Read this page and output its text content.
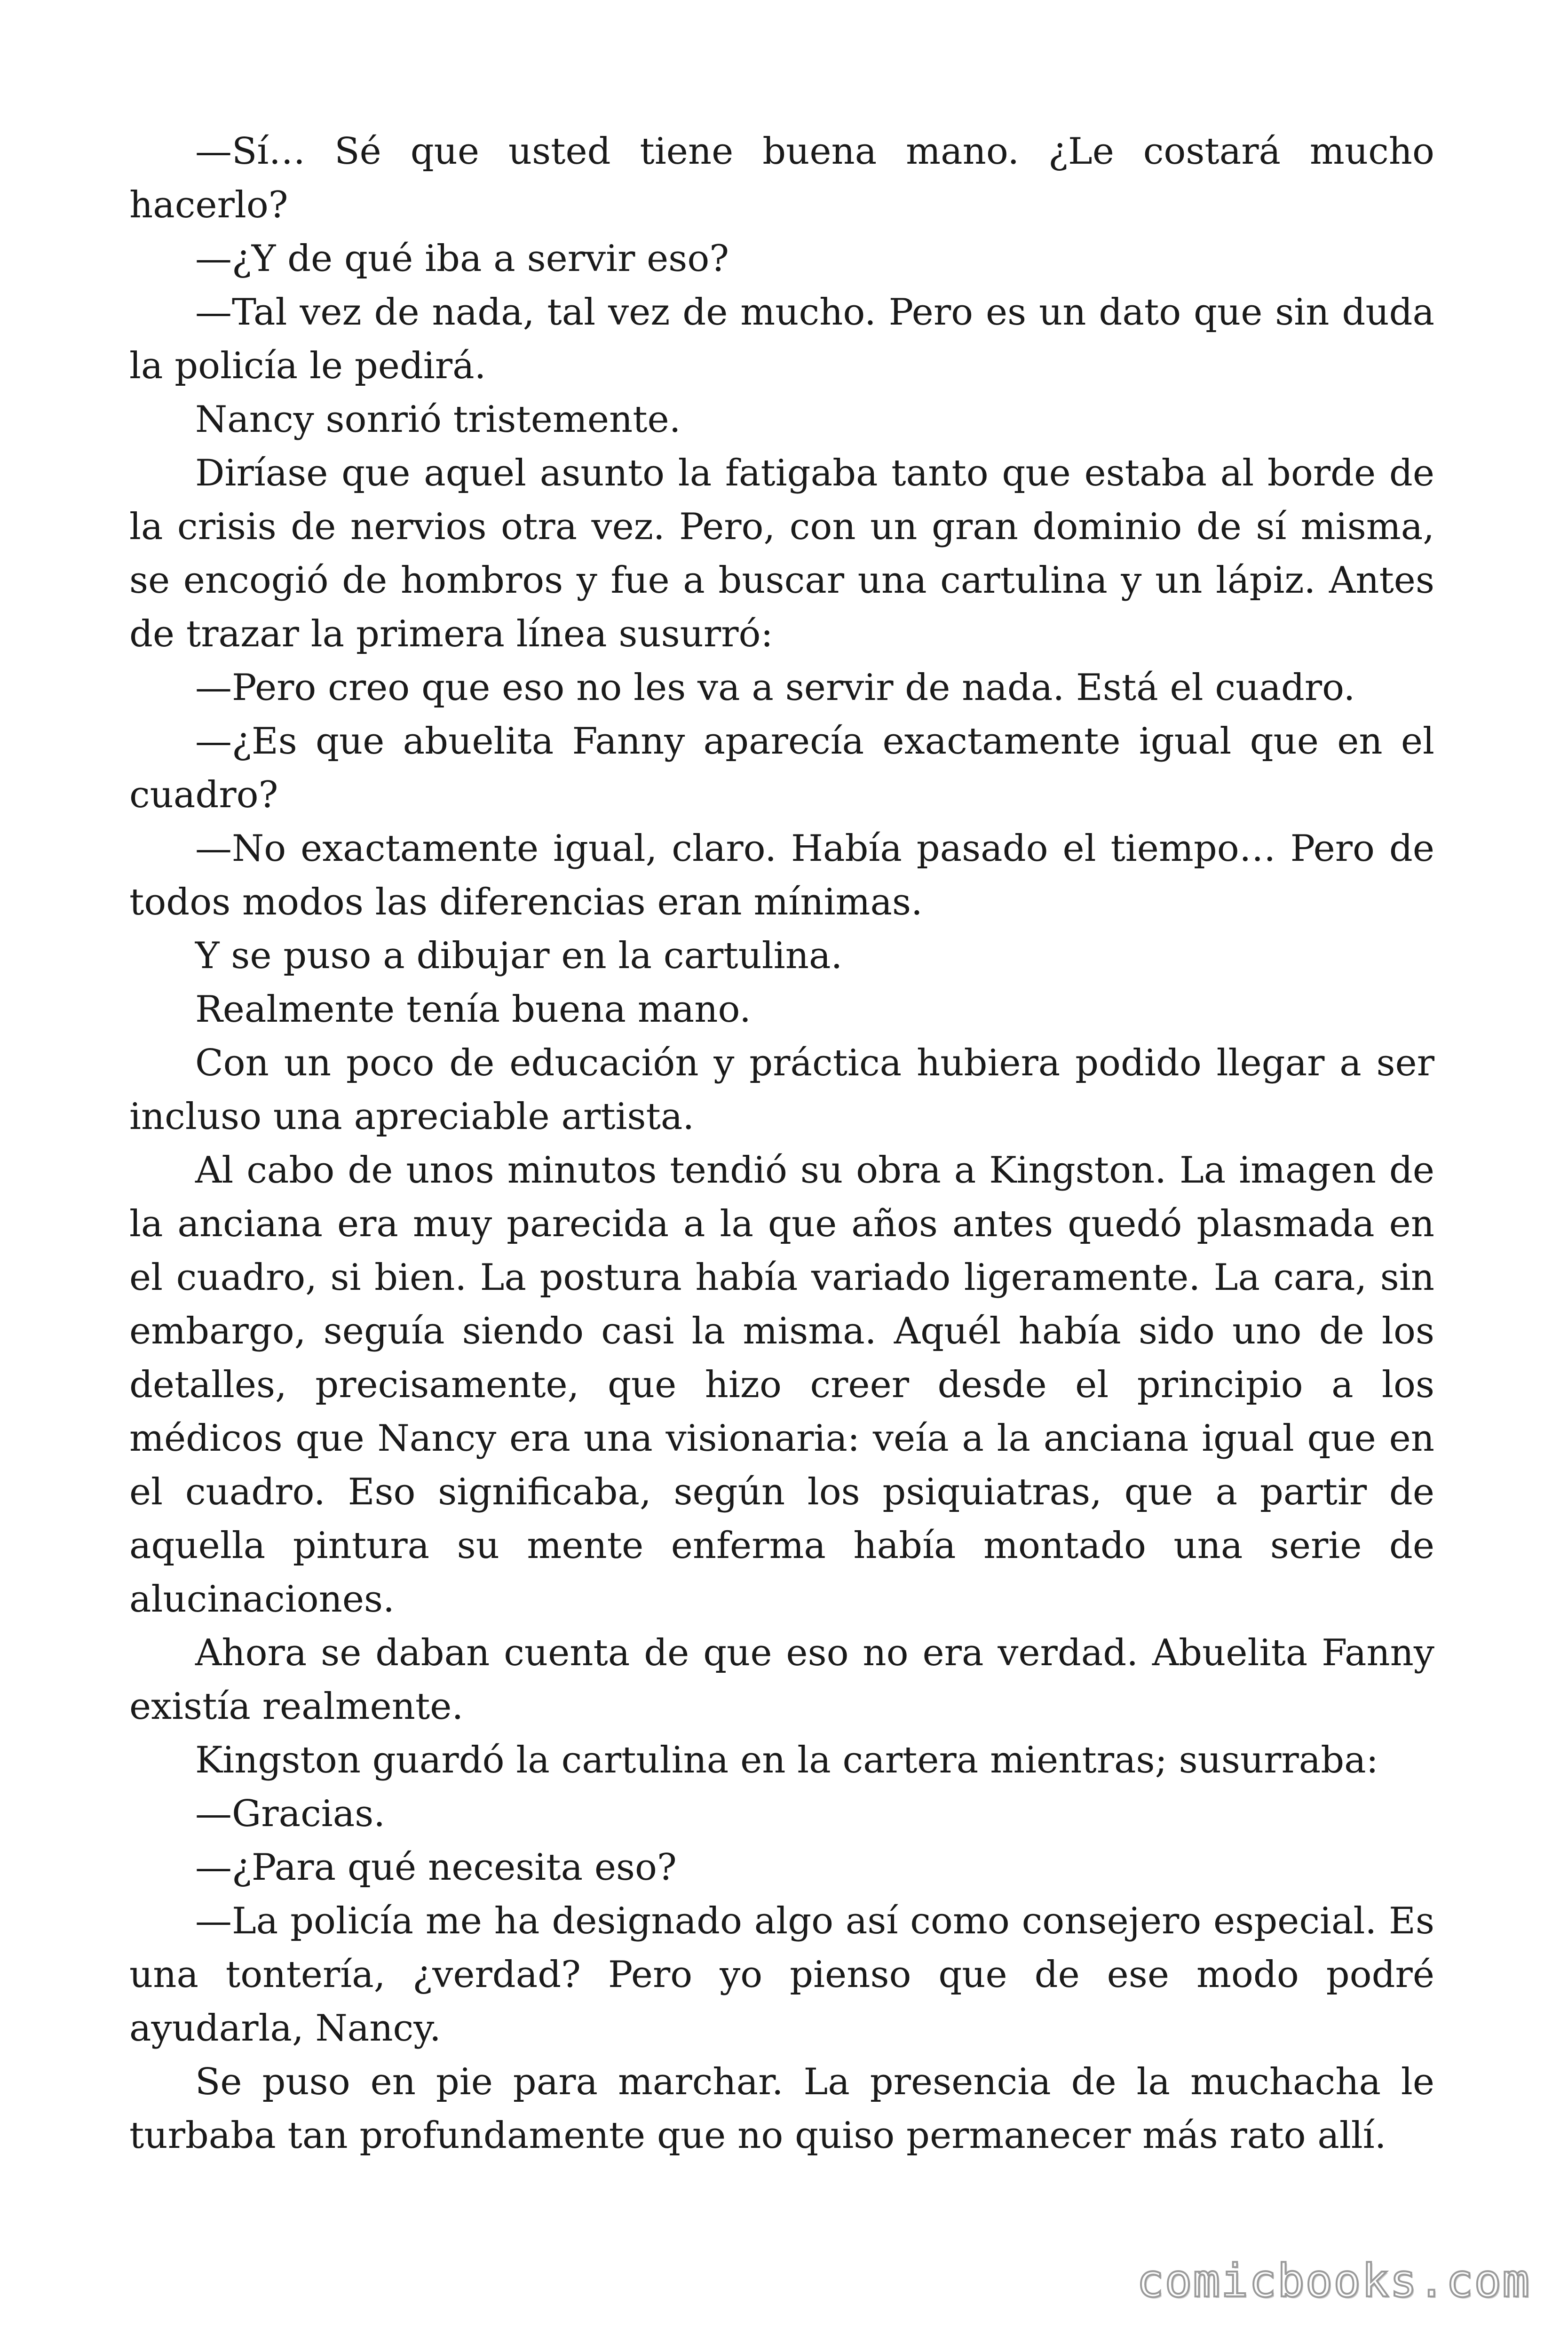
—Sí… Sé que usted tiene buena mano. ¿Le costará mucho hacerlo?

—¿Y de qué iba a servir eso?

—Tal vez de nada, tal vez de mucho. Pero es un dato que sin duda la policía le pedirá.

Nancy sonrió tristemente.

Diríase que aquel asunto la fatigaba tanto que estaba al borde de la crisis de nervios otra vez. Pero, con un gran dominio de sí misma, se encogió de hombros y fue a buscar una cartulina y un lápiz. Antes de trazar la primera línea susurró:

—Pero creo que eso no les va a servir de nada. Está el cuadro.

—¿Es que abuelita Fanny aparecía exactamente igual que en el cuadro?

—No exactamente igual, claro. Había pasado el tiempo… Pero de todos modos las diferencias eran mínimas.

Y se puso a dibujar en la cartulina.

Realmente tenía buena mano.

Con un poco de educación y práctica hubiera podido llegar a ser incluso una apreciable artista.

Al cabo de unos minutos tendió su obra a Kingston. La imagen de la anciana era muy parecida a la que años antes quedó plasmada en el cuadro, si bien. La postura había variado ligeramente. La cara, sin embargo, seguía siendo casi la misma. Aquél había sido uno de los detalles, precisamente, que hizo creer desde el principio a los médicos que Nancy era una visionaria: veía a la anciana igual que en el cuadro. Eso significaba, según los psiquiatras, que a partir de aquella pintura su mente enferma había montado una serie de alucinaciones.

Ahora se daban cuenta de que eso no era verdad. Abuelita Fanny existía realmente.

Kingston guardó la cartulina en la cartera mientras; susurraba:

—Gracias.

—¿Para qué necesita eso?

—La policía me ha designado algo así como consejero especial. Es una tontería, ¿verdad? Pero yo pienso que de ese modo podré ayudarla, Nancy.

Se puso en pie para marchar. La presencia de la muchacha le turbaba tan profundamente que no quiso permanecer más rato allí.

comicbooks.com
